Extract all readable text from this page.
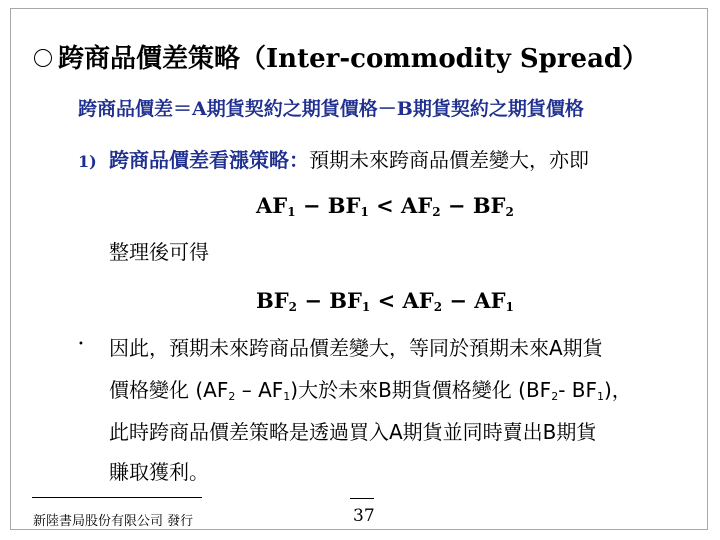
跨商品價差策略（Inter-commodity Spread）
跨商品價差＝A期貨契約之期貨價格－B期貨契約之期貨價格
1) 跨商品價差看漲策略：預期未來跨商品價差變大，亦即
$AF_1 - BF_1 < AF_2 - BF_2$
整理後可得
$BF_2 - BF_1 < AF_2 - AF_1$
• 因此，預期未來跨商品價差變大，等同於預期未來A期貨
價格變化 $(AF_2 - AF_1)$大於未來B期貨價格變化 ($BF_2-$ $BF_1$)，
此時跨商品價差策略是透過買入A期貨並同時賣出B期貨
賺取獲利。
新陸書局股份有限公司 發行	37
